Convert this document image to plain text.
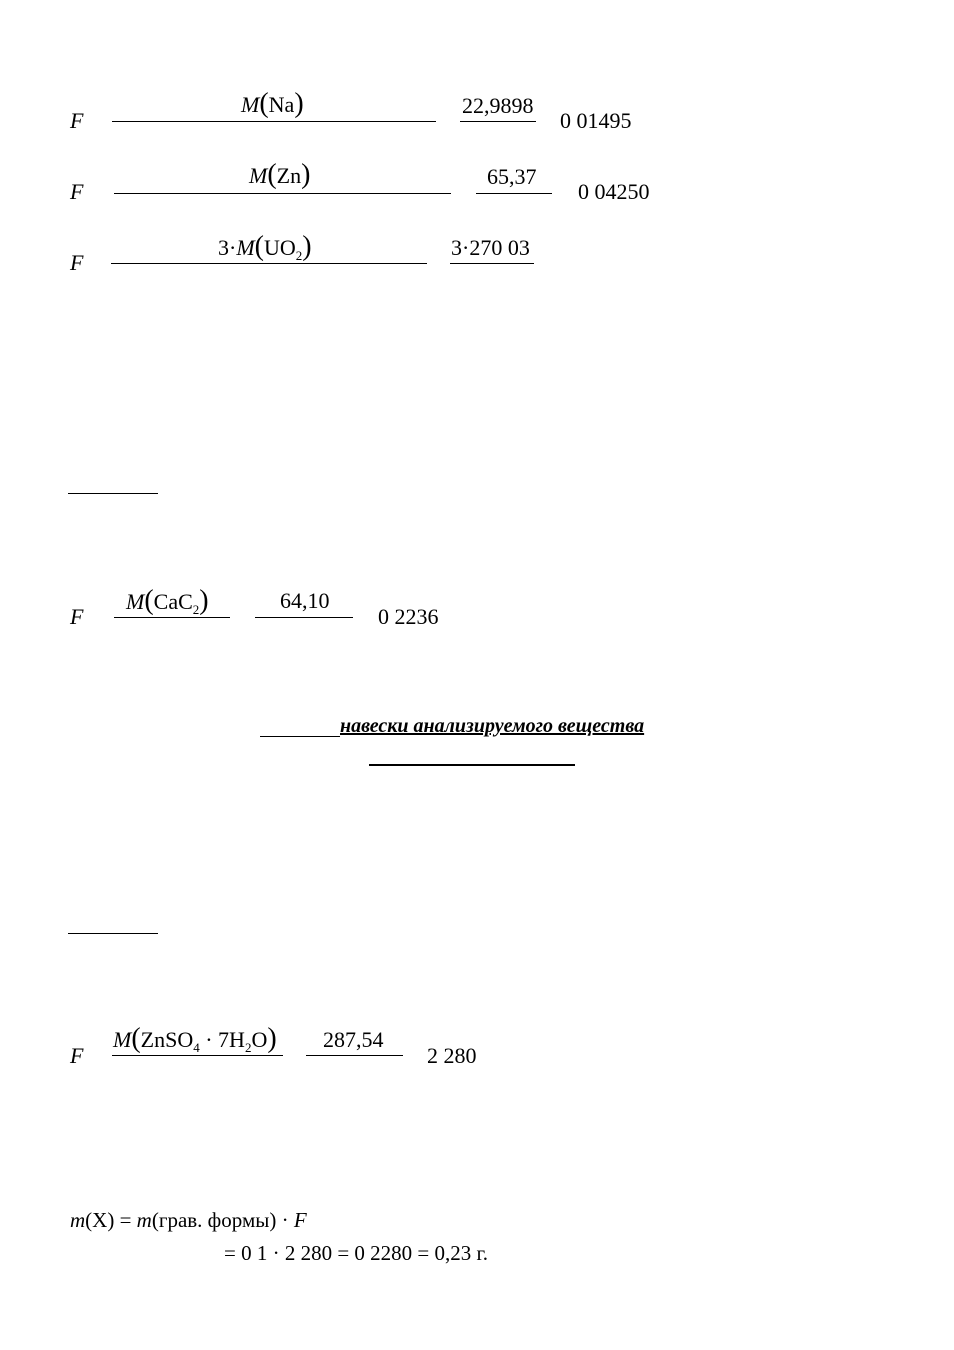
F
M ( Na )	22,9898
0 01495
F
M ( Zn )	65,37
0 04250
F
3· M ( UO 2 )	3·270 03
F
M ( CaC 2 )	64,10
0 2236
навески анализируемого вещества
F
M ( ZnSO 4 · 7H 2 O ) 287,54
2 280
m (X) = m (грав. формы) · F
= 0 1 · 2 280 = 0 2280 = 0,23 г.
